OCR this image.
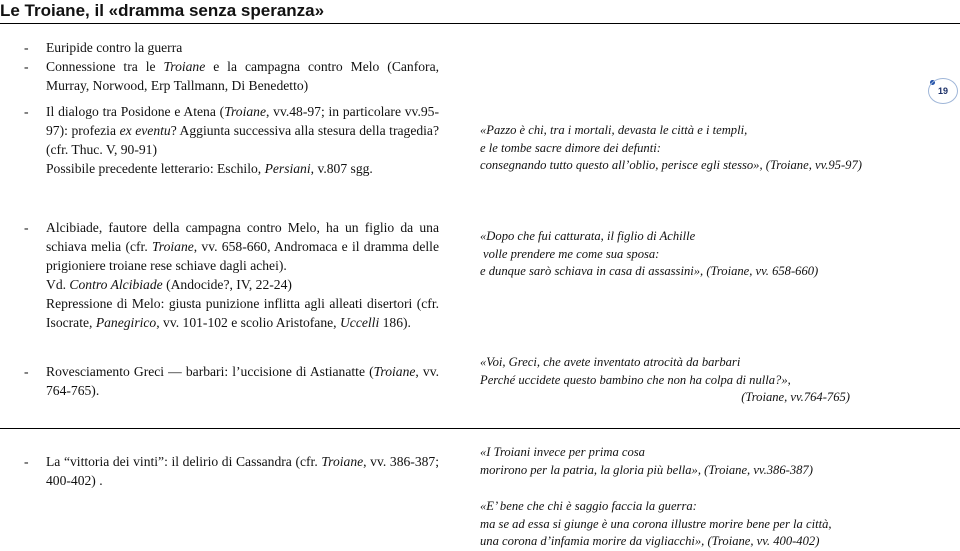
Le Troiane, il «dramma senza speranza»
19
- Euripide contro la guerra
- Connessione tra le Troiane e la campagna contro Melo (Canfora, Murray, Norwood, Erp Tallmann, Di Benedetto)
- Il dialogo tra Posidone e Atena (Troiane, vv.48-97; in particolare vv.95-97): profezia ex eventu? Aggiunta successiva alla stesura della tragedia? (cfr. Thuc. V, 90-91)
Possibile precedente letterario: Eschilo, Persiani, v.807 sgg.
- Alcibiade, fautore della campagna contro Melo, ha un figlio da una schiava melia (cfr. Troiane, vv. 658-660, Andromaca e il dramma delle prigioniere troiane rese schiave dagli achei).
Vd. Contro Alcibiade (Andocide?, IV, 22-24)
Repressione di Melo: giusta punizione inflitta agli alleati disertori (cfr. Isocrate, Panegirico, vv. 101-102 e scolio Aristofane, Uccelli 186).
- Rovesciamento Greci — barbari: l’uccisione di Astianatte (Troiane, vv. 764-765).
- La “vittoria dei vinti”: il delirio di Cassandra (cfr. Troiane, vv. 386-387; 400-402) .
«Pazzo è chi, tra i mortali, devasta le città e i templi,
e le tombe sacre dimore dei defunti:
consegnando tutto questo all’oblio, perisce egli stesso», (Troiane, vv.95-97)
«Dopo che fui catturata, il figlio di Achille
volle prendere me come sua sposa:
e dunque sarò schiava in casa di assassini», (Troiane, vv. 658-660)
«Voi, Greci, che avete inventato atrocità da barbari
Perché uccidete questo bambino che non ha colpa di nulla?»,
(Troiane, vv.764-765)
«I Troiani invece per prima cosa
morirono per la patria, la gloria più bella», (Troiane, vv.386-387)
«E’ bene che chi è saggio faccia la guerra:
ma se ad essa si giunge è una corona illustre morire bene per la città,
una corona d’infamia morire da vigliacchi», (Troiane, vv. 400-402)
